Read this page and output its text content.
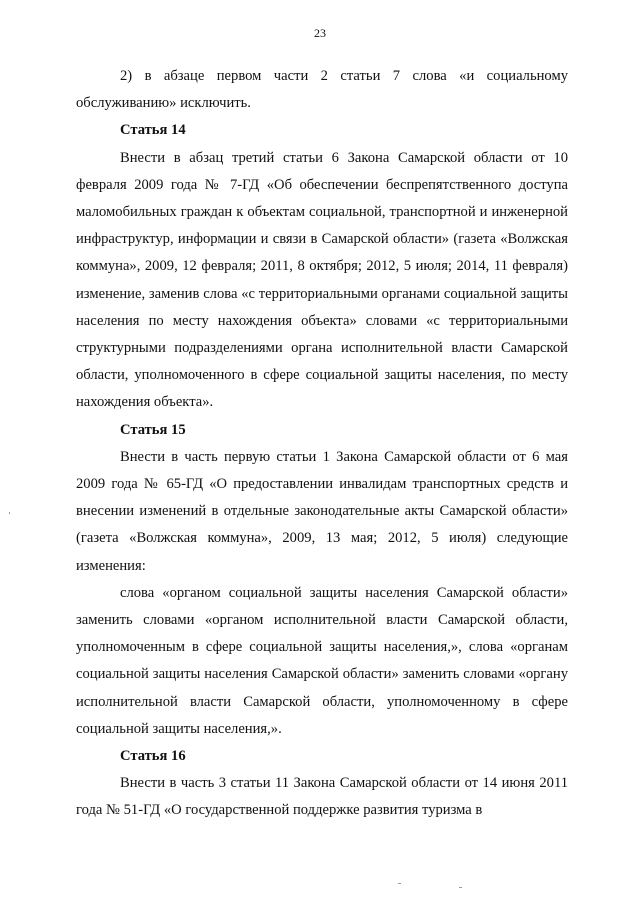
23

2) в абзаце первом части 2 статьи 7 слова «и социальному обслуживанию» исключить.

Статья 14

Внести в абзац третий статьи 6 Закона Самарской области от 10 февраля 2009 года № 7-ГД «Об обеспечении беспрепятственного доступа маломобильных граждан к объектам социальной, транспортной и инженерной инфраструктур, информации и связи в Самарской области» (газета «Волжская коммуна», 2009, 12 февраля; 2011, 8 октября; 2012, 5 июля; 2014, 11 февраля) изменение, заменив слова «с территориальными органами социальной защиты населения по месту нахождения объекта» словами «с территориальными структурными подразделениями органа исполнительной власти Самарской области, уполномоченного в сфере социальной защиты населения, по месту нахождения объекта».

Статья 15

Внести в часть первую статьи 1 Закона Самарской области от 6 мая 2009 года № 65-ГД «О предоставлении инвалидам транспортных средств и внесении изменений в отдельные законодательные акты Самарской области» (газета «Волжская коммуна», 2009, 13 мая; 2012, 5 июля) следующие изменения:

слова «органом социальной защиты населения Самарской области» заменить словами «органом исполнительной власти Самарской области, уполномоченным в сфере социальной защиты населения,», слова «органам социальной защиты населения Самарской области» заменить словами «органу исполнительной власти Самарской области, уполномоченному в сфере социальной защиты населения,».

Статья 16

Внести в часть 3 статьи 11 Закона Самарской области от 14 июня 2011 года № 51-ГД «О государственной поддержке развития туризма в
